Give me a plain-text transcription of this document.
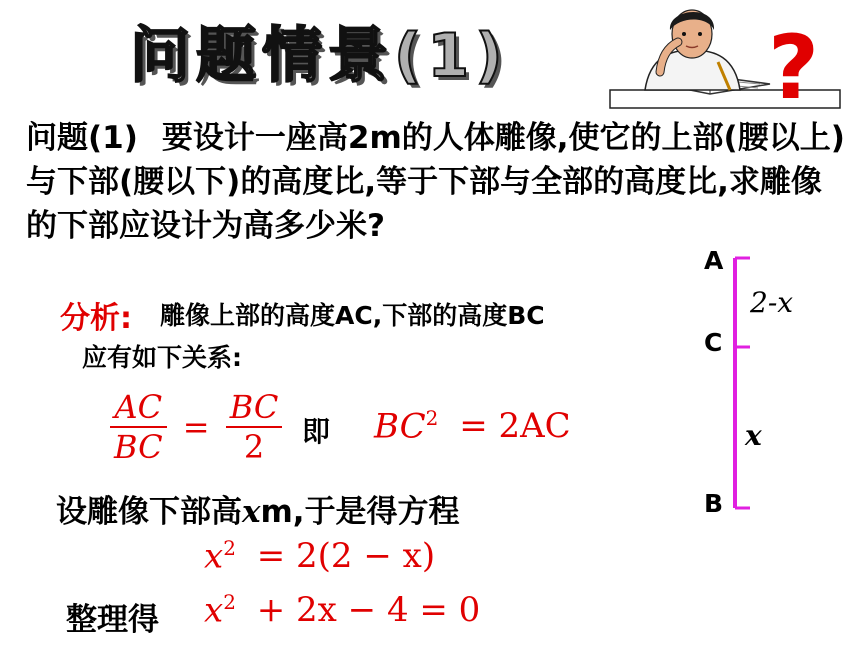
问题情景(1)	?
问题(1) 要设计一座高2m的人体雕像,使它的上部(腰以上)与下部(腰以下)的高度比,等于下部与全部的高度比,求雕像的下部应设计为高多少米?
分析: 雕像上部的高度AC,下部的高度BC
应有如下关系:
$\frac{AC}{BC} = \frac{BC}{2}$ 即 $BC^2 = 2AC$
设雕像下部高xm,于是得方程
$x^2 = 2(2 - x)$
整理得 $x^2 + 2x - 4 = 0$
A
C
B
2-x
x
